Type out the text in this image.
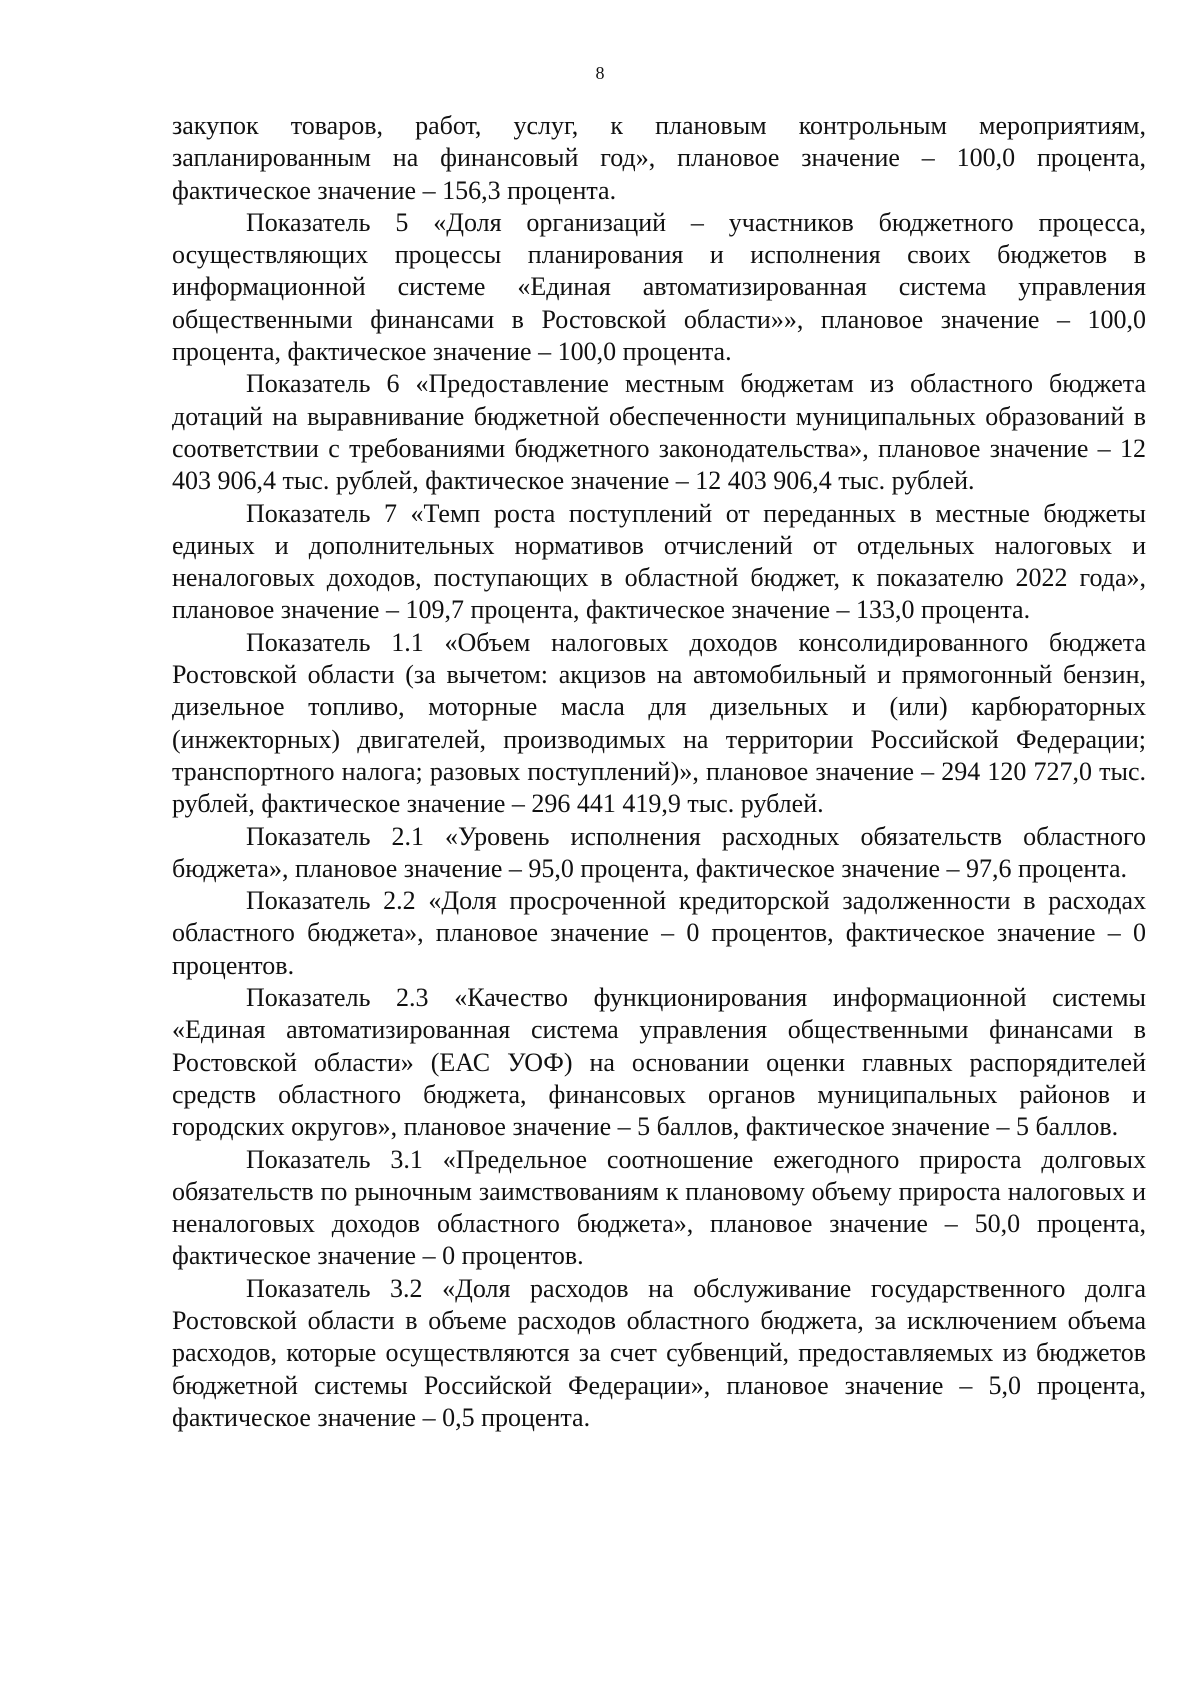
8

закупок товаров, работ, услуг, к плановым контрольным мероприятиям, запланированным на финансовый год», плановое значение – 100,0 процента, фактическое значение – 156,3 процента.

Показатель 5 «Доля организаций – участников бюджетного процесса, осуществляющих процессы планирования и исполнения своих бюджетов в информационной системе «Единая автоматизированная система управления общественными финансами в Ростовской области»», плановое значение – 100,0 процента, фактическое значение – 100,0 процента.

Показатель 6 «Предоставление местным бюджетам из областного бюджета дотаций на выравнивание бюджетной обеспеченности муниципальных образований в соответствии с требованиями бюджетного законодательства», плановое значение – 12 403 906,4 тыс. рублей, фактическое значение – 12 403 906,4 тыс. рублей.

Показатель 7 «Темп роста поступлений от переданных в местные бюджеты единых и дополнительных нормативов отчислений от отдельных налоговых и неналоговых доходов, поступающих в областной бюджет, к показателю 2022 года», плановое значение – 109,7 процента, фактическое значение – 133,0 процента.

Показатель 1.1 «Объем налоговых доходов консолидированного бюджета Ростовской области (за вычетом: акцизов на автомобильный и прямогонный бензин, дизельное топливо, моторные масла для дизельных и (или) карбюраторных (инжекторных) двигателей, производимых на территории Российской Федерации; транспортного налога; разовых поступлений)», плановое значение – 294 120 727,0 тыс. рублей, фактическое значение – 296 441 419,9 тыс. рублей.

Показатель 2.1 «Уровень исполнения расходных обязательств областного бюджета», плановое значение – 95,0 процента, фактическое значение – 97,6 процента.

Показатель 2.2 «Доля просроченной кредиторской задолженности в расходах областного бюджета», плановое значение – 0 процентов, фактическое значение – 0 процентов.

Показатель 2.3 «Качество функционирования информационной системы «Единая автоматизированная система управления общественными финансами в Ростовской области» (ЕАС УОФ) на основании оценки главных распорядителей средств областного бюджета, финансовых органов муниципальных районов и городских округов», плановое значение – 5 баллов, фактическое значение – 5 баллов.

Показатель 3.1 «Предельное соотношение ежегодного прироста долговых обязательств по рыночным заимствованиям к плановому объему прироста налоговых и неналоговых доходов областного бюджета», плановое значение – 50,0 процента, фактическое значение – 0 процентов.

Показатель 3.2 «Доля расходов на обслуживание государственного долга Ростовской области в объеме расходов областного бюджета, за исключением объема расходов, которые осуществляются за счет субвенций, предоставляемых из бюджетов бюджетной системы Российской Федерации», плановое значение – 5,0 процента, фактическое значение – 0,5 процента.
